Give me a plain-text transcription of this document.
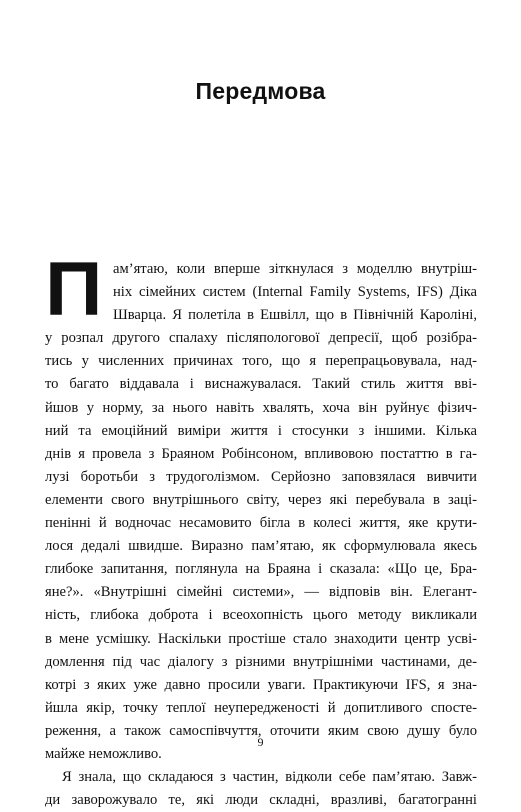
Передмова
П ам’ятаю, коли вперше зіткнулася з моделлю внутріш-
ніх сімейних систем (Internal Family Systems, IFS) Діка
Шварца. Я полетіла в Ешвілл, що в Північній Кароліні,
у розпал другого спалаху післяпологової депресії, щоб розібра-
тись у численних причинах того, що я перепрацьовувала, над-
то багато віддавала і виснажувалася. Такий стиль життя вві-
йшов у норму, за нього навіть хвалять, хоча він руйнує фізич-
ний та емоційний виміри життя і стосунки з іншими. Кілька
днів я провела з Браяном Робінсоном, впливовою постаттю в га-
лузі боротьби з трудоголізмом. Серйозно заповзялася вивчити
елементи свого внутрішнього світу, через які перебувала в заці-
пенінні й водночас несамовито бігла в колесі життя, яке крути-
лося дедалі швидше. Виразно пам’ятаю, як сформулювала якесь
глибоке запитання, поглянула на Браяна і сказала: «Що це, Бра-
яне?». «Внутрішні сімейні системи», — відповів він. Елегант-
ність, глибока доброта і всеохопність цього методу викликали
в мене усмішку. Наскільки простіше стало знаходити центр усві-
домлення під час діалогу з різними внутрішніми частинами, де-
котрі з яких уже давно просили уваги. Практикуючи IFS, я зна-
йшла якір, точку теплої неупередженості й допитливого спосте-
реження, а також самоспівчуття, оточити яким свою душу було
майже неможливо.
Я знала, що складаюся з частин, відколи себе пам’ятаю. Завж-
ди заворожувало те, які люди складні, вразливі, багатогранні
9
